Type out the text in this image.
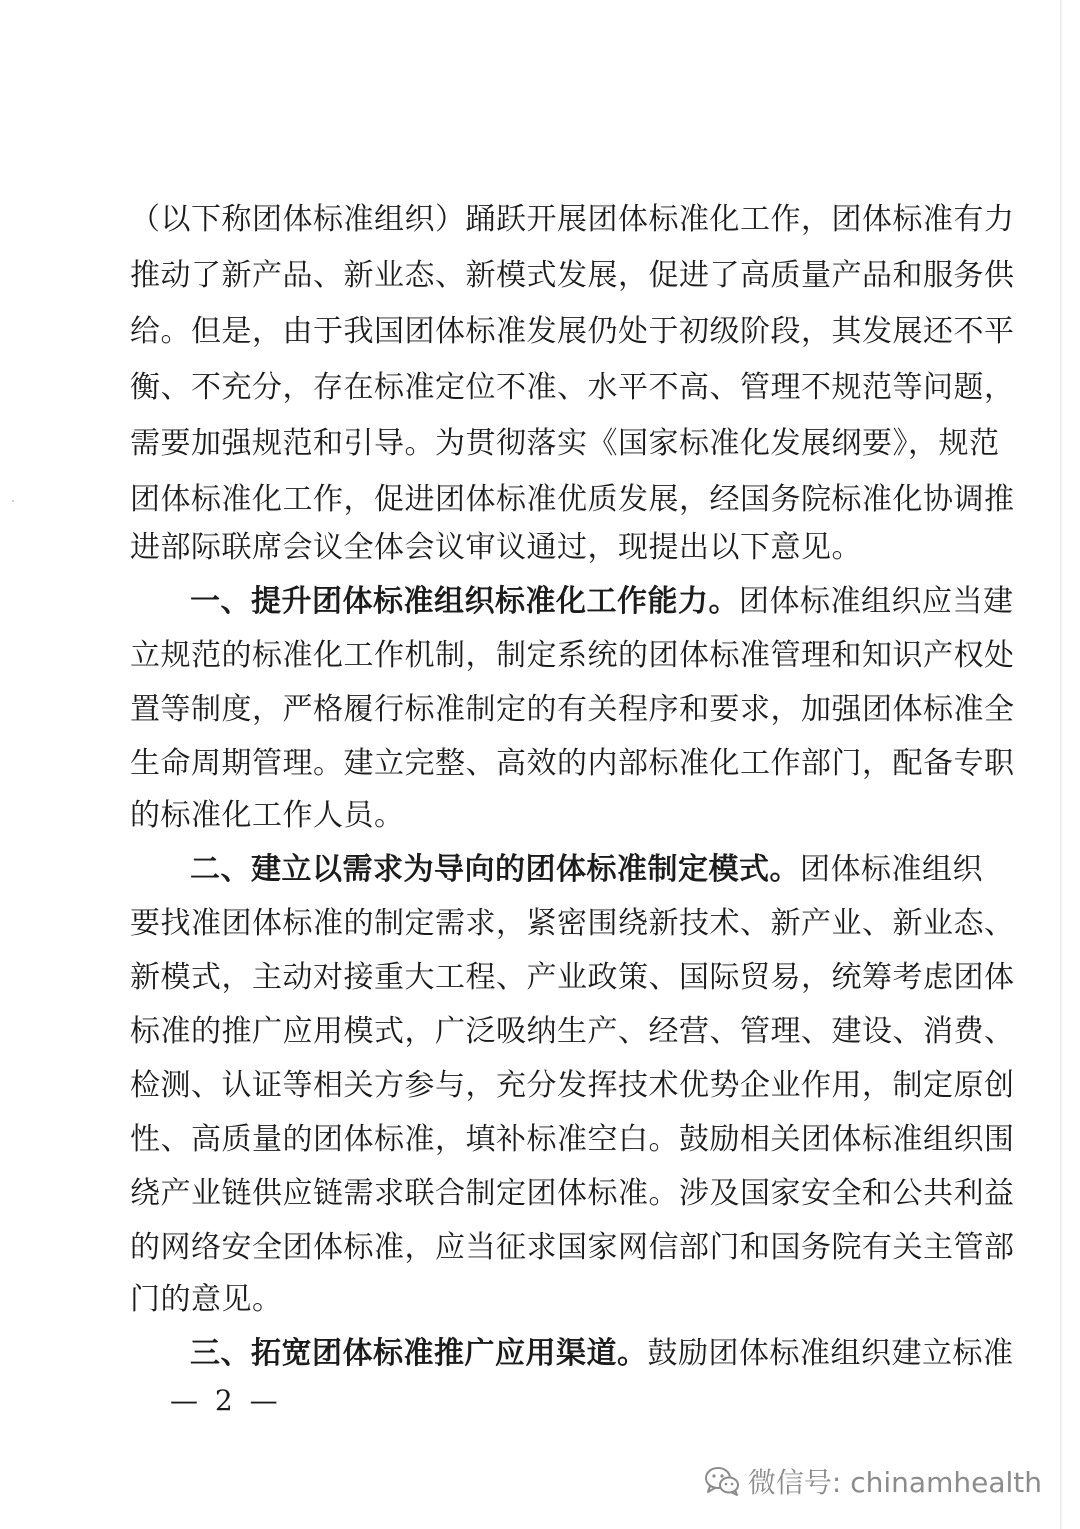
（以下称团体标准组织）踊跃开展团体标准化工作，团体标准有力
推动了新产品、新业态、新模式发展，促进了高质量产品和服务供
给。但是，由于我国团体标准发展仍处于初级阶段，其发展还不平
衡、不充分，存在标准定位不准、水平不高、管理不规范等问题，
需要加强规范和引导。为贯彻落实《国家标准化发展纲要》，规范
团体标准化工作，促进团体标准优质发展，经国务院标准化协调推
进部际联席会议全体会议审议通过，现提出以下意见。
一、提升团体标准组织标准化工作能力。团体标准组织应当建
立规范的标准化工作机制，制定系统的团体标准管理和知识产权处
置等制度，严格履行标准制定的有关程序和要求，加强团体标准全
生命周期管理。建立完整、高效的内部标准化工作部门，配备专职
的标准化工作人员。
二、建立以需求为导向的团体标准制定模式。团体标准组织
要找准团体标准的制定需求，紧密围绕新技术、新产业、新业态、
新模式，主动对接重大工程、产业政策、国际贸易，统筹考虑团体
标准的推广应用模式，广泛吸纳生产、经营、管理、建设、消费、
检测、认证等相关方参与，充分发挥技术优势企业作用，制定原创
性、高质量的团体标准，填补标准空白。鼓励相关团体标准组织围
绕产业链供应链需求联合制定团体标准。涉及国家安全和公共利益
的网络安全团体标准，应当征求国家网信部门和国务院有关主管部
门的意见。
三、拓宽团体标准推广应用渠道。鼓励团体标准组织建立标准
— 2 —
微信号: chinamhealth
